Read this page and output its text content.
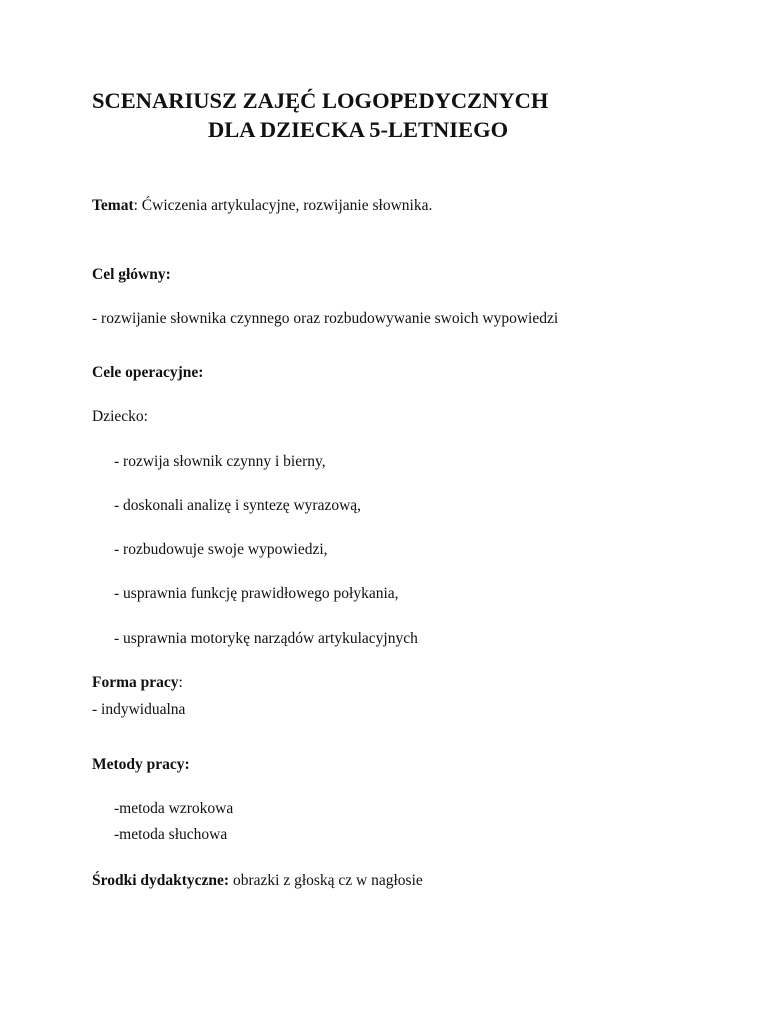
SCENARIUSZ ZAJĘĆ LOGOPEDYCZNYCH
DLA DZIECKA 5-LETNIEGO
Temat: Ćwiczenia artykulacyjne, rozwijanie słownika.
Cel główny:
- rozwijanie słownika czynnego oraz rozbudowywanie swoich wypowiedzi
Cele operacyjne:
Dziecko:
- rozwija słownik czynny i bierny,
- doskonali analizę i syntezę wyrazową,
- rozbudowuje swoje wypowiedzi,
- usprawnia funkcję prawidłowego połykania,
- usprawnia motorykę narządów artykulacyjnych
Forma pracy:
- indywidualna
Metody pracy:
-metoda wzrokowa
-metoda słuchowa
Środki dydaktyczne: obrazki z głoską cz w nagłosie
